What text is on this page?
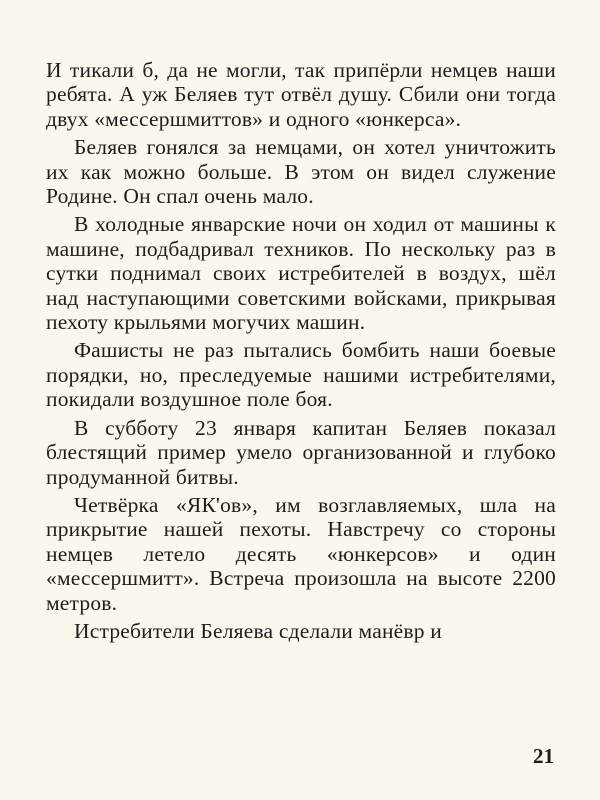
И тикали б, да не могли, так припёрли немцев наши ребята. А уж Беляев тут отвёл душу. Сбили они тогда двух «мессершмиттов» и одного «юнкерса».

Беляев гонялся за немцами, он хотел уничтожить их как можно больше. В этом он видел служение Родине. Он спал очень мало.

В холодные январские ночи он ходил от машины к машине, подбадривал техников. По нескольку раз в сутки поднимал своих истребителей в воздух, шёл над наступающими советскими войсками, прикрывая пехоту крыльями могучих машин.

Фашисты не раз пытались бомбить наши боевые порядки, но, преследуемые нашими истребителями, покидали воздушное поле боя.

В субботу 23 января капитан Беляев показал блестящий пример умело организованной и глубоко продуманной битвы.

Четвёрка «ЯК'ов», им возглавляемых, шла на прикрытие нашей пехоты. Навстречу со стороны немцев летело десять «юнкерсов» и один «мессершмитт». Встреча произошла на высоте 2200 метров.

Истребители Беляева сделали манёвр и

21
